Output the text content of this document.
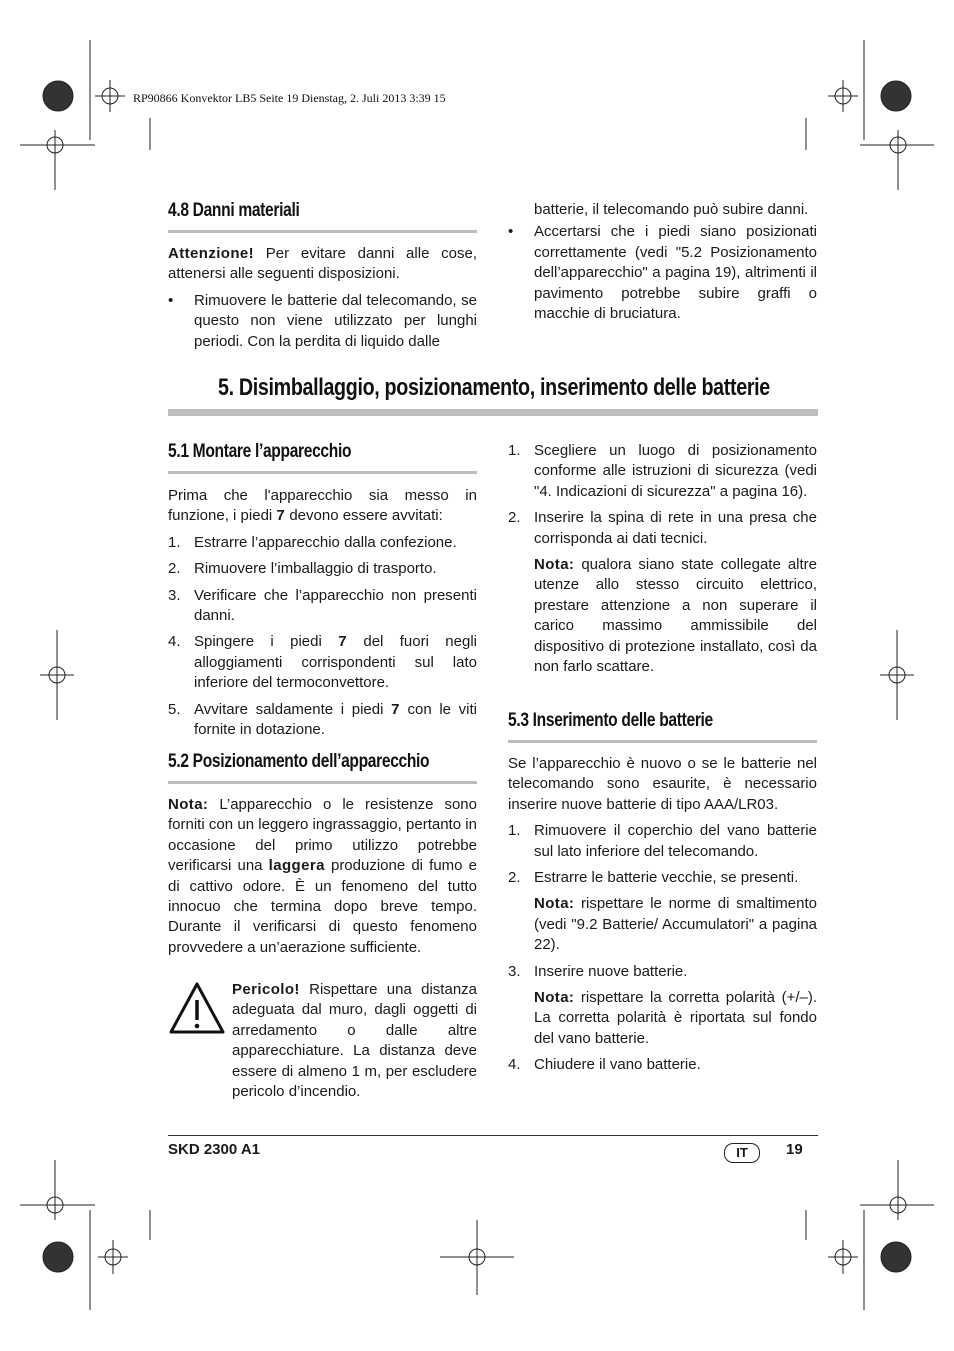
RP90866 Konvektor LB5 Seite 19 Dienstag, 2. Juli 2013 3:39 15
4.8 Danni materiali

Attenzione! Per evitare danni alle cose, attenersi alle seguenti disposizioni.

• Rimuovere le batterie dal telecomando, se questo non viene utilizzato per lunghi periodi. Con la perdita di liquido dalle

batterie, il telecomando può subire danni.

• Accertarsi che i piedi siano posizionati correttamente (vedi "5.2 Posizionamento dell’apparecchio" a pagina 19), altrimenti il pavimento potrebbe subire graffi o macchie di bruciatura.
5. Disimballaggio, posizionamento, inserimento delle batterie
5.1 Montare l’apparecchio

Prima che l'apparecchio sia messo in funzione, i piedi 7 devono essere avvitati:

1. Estrarre l’apparecchio dalla confezione.
2. Rimuovere l’imballaggio di trasporto.
3. Verificare che l’apparecchio non presenti danni.
4. Spingere i piedi 7 del fuori negli alloggiamenti corrispondenti sul lato inferiore del termoconvettore.
5. Avvitare saldamente i piedi 7 con le viti fornite in dotazione.
5.2 Posizionamento dell’apparecchio

Nota: L’apparecchio o le resistenze sono forniti con un leggero ingrassaggio, pertanto in occasione del primo utilizzo potrebbe verificarsi una laggera produzione di fumo e di cattivo odore. È un fenomeno del tutto innocuo che termina dopo breve tempo. Durante il verificarsi di questo fenomeno provvedere a un’aerazione sufficiente.

Pericolo! Rispettare una distanza adeguata dal muro, dagli oggetti di arredamento o dalle altre apparecchiature. La distanza deve essere di almeno 1 m, per escludere pericolo d’incendio.
1. Scegliere un luogo di posizionamento conforme alle istruzioni di sicurezza (vedi "4. Indicazioni di sicurezza" a pagina 16).
2. Inserire la spina di rete in una presa che corrisponda ai dati tecnici.

Nota: qualora siano state collegate altre utenze allo stesso circuito elettrico, prestare attenzione a non superare il carico massimo ammissibile del dispositivo di protezione installato, così da non farlo scattare.

5.3 Inserimento delle batterie

Se l’apparecchio è nuovo o se le batterie nel telecomando sono esaurite, è necessario inserire nuove batterie di tipo AAA/LR03.

1. Rimuovere il coperchio del vano batterie sul lato inferiore del telecomando.
2. Estrarre le batterie vecchie, se presenti.

Nota: rispettare le norme di smaltimento (vedi "9.2 Batterie/ Accumulatori" a pagina 22).

3. Inserire nuove batterie.

Nota: rispettare la corretta polarità (+/–). La corretta polarità è riportata sul fondo del vano batterie.

4. Chiudere il vano batterie.
SKD 2300 A1	IT	19
